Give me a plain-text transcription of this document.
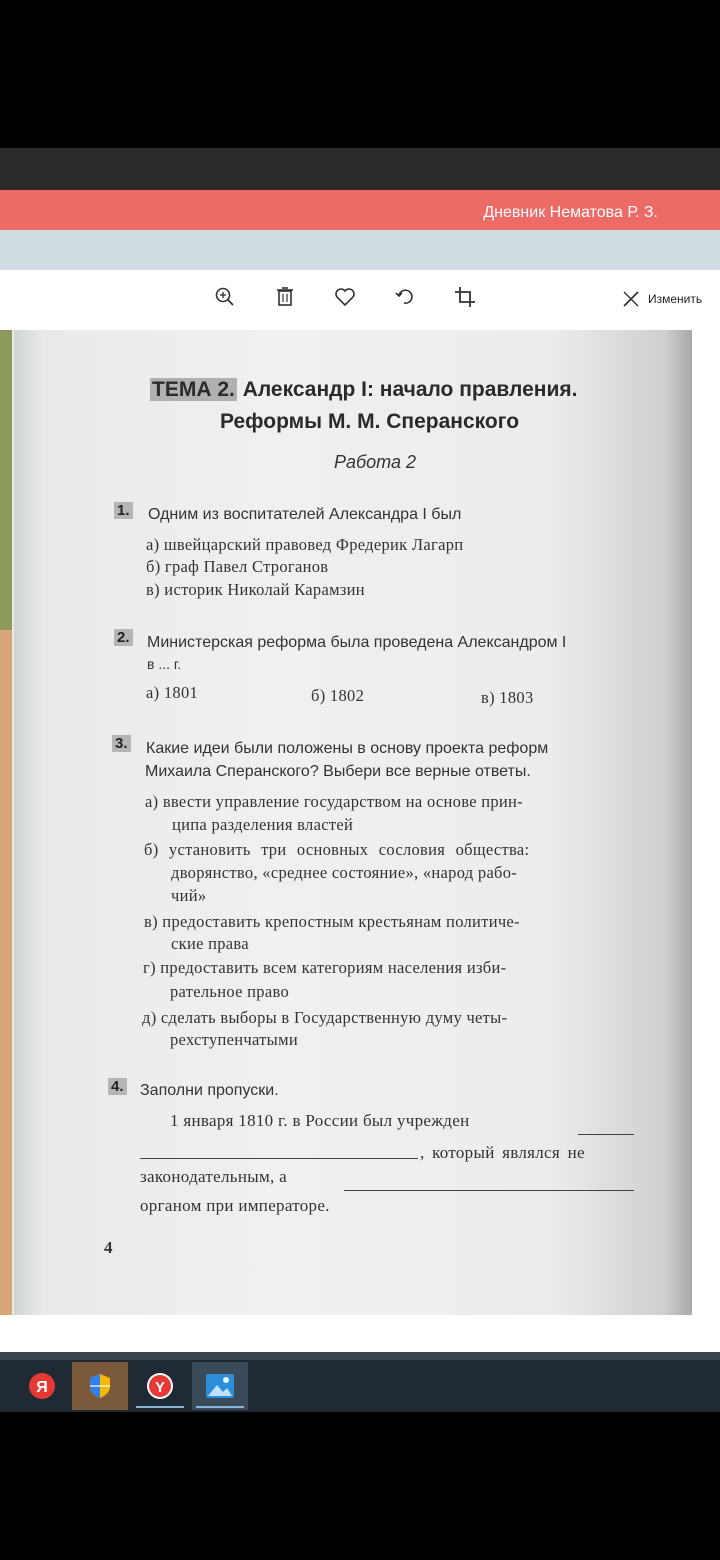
Дневник Нематова Р. З.
Изменить
ТЕМА 2. Александр I: начало правления.
Реформы М. М. Сперанского
Работа 2
1. Одним из воспитателей Александра I был
а) швейцарский правовед Фредерик Лагарп
б) граф Павел Строганов
в) историк Николай Карамзин
2. Министерская реформа была проведена Александром I
в ... г.
а) 1801	б) 1802	в) 1803
3. Какие идеи были положены в основу проекта реформ
Михаила Сперанского? Выбери все верные ответы.
а) ввести управление государством на основе прин-
ципа разделения властей
б) установить три основных сословия общества:
дворянство, «среднее состояние», «народ рабо-
чий»
в) предоставить крепостным крестьянам политиче-
ские права
г) предоставить всем категориям населения изби-
рательное право
д) сделать выборы в Государственную думу четы-
рехступенчатыми
4. Заполни пропуски.
1 января 1810 г. в России был учрежден
, который являлся не
законодательным, а
органом при императоре.
4
Я	Y
